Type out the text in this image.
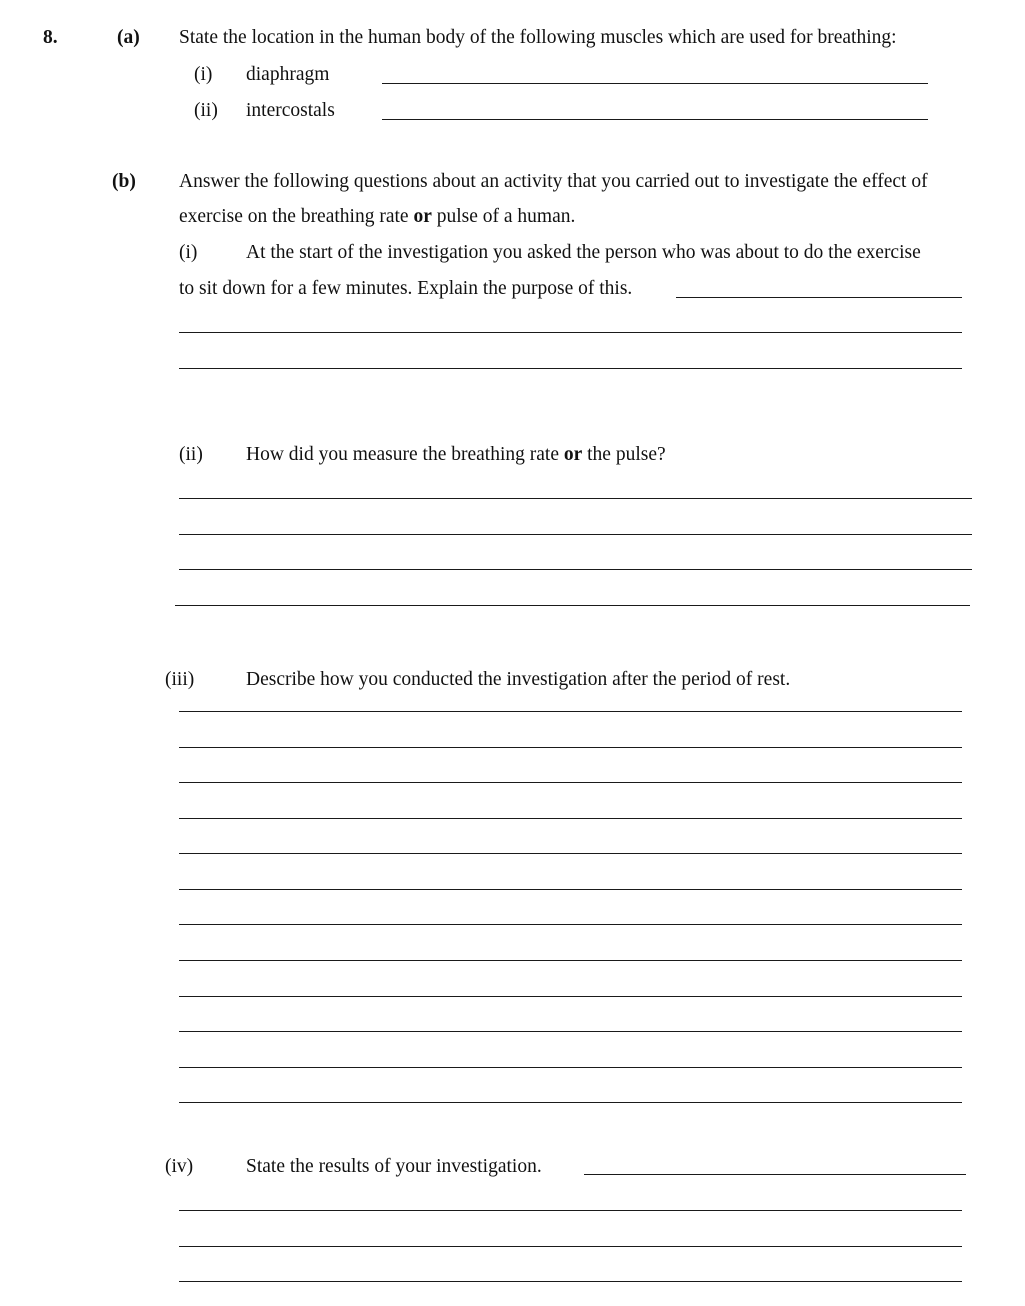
8.	(a) State the location in the human body of the following muscles which are used for breathing:
(i) diaphragm
(ii) intercostals
(b) Answer the following questions about an activity that you carried out to investigate the effect of
exercise on the breathing rate or pulse of a human.
(i) At the start of the investigation you asked the person who was about to do the exercise
to sit down for a few minutes. Explain the purpose of this.
(ii) How did you measure the breathing rate or the pulse?
(iii)	Describe how you conducted the investigation after the period of rest.
(iv)	State the results of your investigation.
